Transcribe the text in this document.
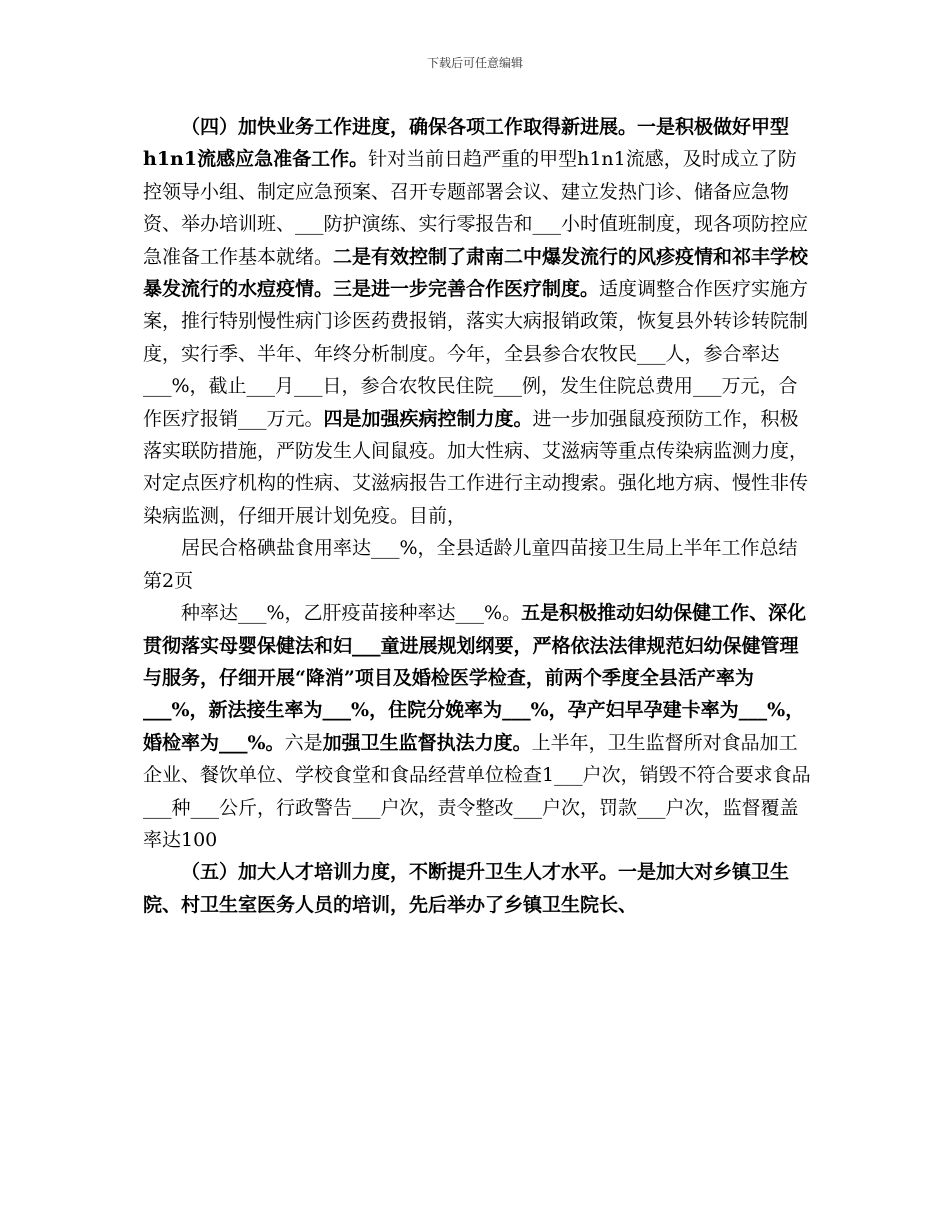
下载后可任意编辑

（四）加快业务工作进度，确保各项工作取得新进展。一是积极做好甲型h1n1流感应急准备工作。针对当前日趋严重的甲型h1n1流感，及时成立了防控领导小组、制定应急预案、召开专题部署会议、建立发热门诊、储备应急物资、举办培训班、___防护演练、实行零报告和___小时值班制度，现各项防控应急准备工作基本就绪。二是有效控制了肃南二中爆发流行的风疹疫情和祁丰学校暴发流行的水痘疫情。三是进一步完善合作医疗制度。适度调整合作医疗实施方案，推行特别慢性病门诊医药费报销，落实大病报销政策，恢复县外转诊转院制度，实行季、半年、年终分析制度。今年，全县参合农牧民___人，参合率达___%，截止___月___日，参合农牧民住院___例，发生住院总费用___万元，合作医疗报销___万元。四是加强疾病控制力度。进一步加强鼠疫预防工作，积极落实联防措施，严防发生人间鼠疫。加大性病、艾滋病等重点传染病监测力度，对定点医疗机构的性病、艾滋病报告工作进行主动搜索。强化地方病、慢性非传染病监测，仔细开展计划免疫。目前，

居民合格碘盐食用率达___%，全县适龄儿童四苗接卫生局上半年工作总结第2页

种率达___%，乙肝疫苗接种率达___%。五是积极推动妇幼保健工作、深化贯彻落实母婴保健法和妇___童进展规划纲要，严格依法法律规范妇幼保健管理与服务，仔细开展“降消”项目及婚检医学检查，前两个季度全县活产率为___%，新法接生率为___%，住院分娩率为___%，孕产妇早孕建卡率为___%，婚检率为___%。六是加强卫生监督执法力度。上半年，卫生监督所对食品加工企业、餐饮单位、学校食堂和食品经营单位检查1___户次，销毁不符合要求食品___种___公斤，行政警告___户次，责令整改___户次，罚款___户次，监督覆盖率达100

（五）加大人才培训力度，不断提升卫生人才水平。一是加大对乡镇卫生院、村卫生室医务人员的培训，先后举办了乡镇卫生院长、
